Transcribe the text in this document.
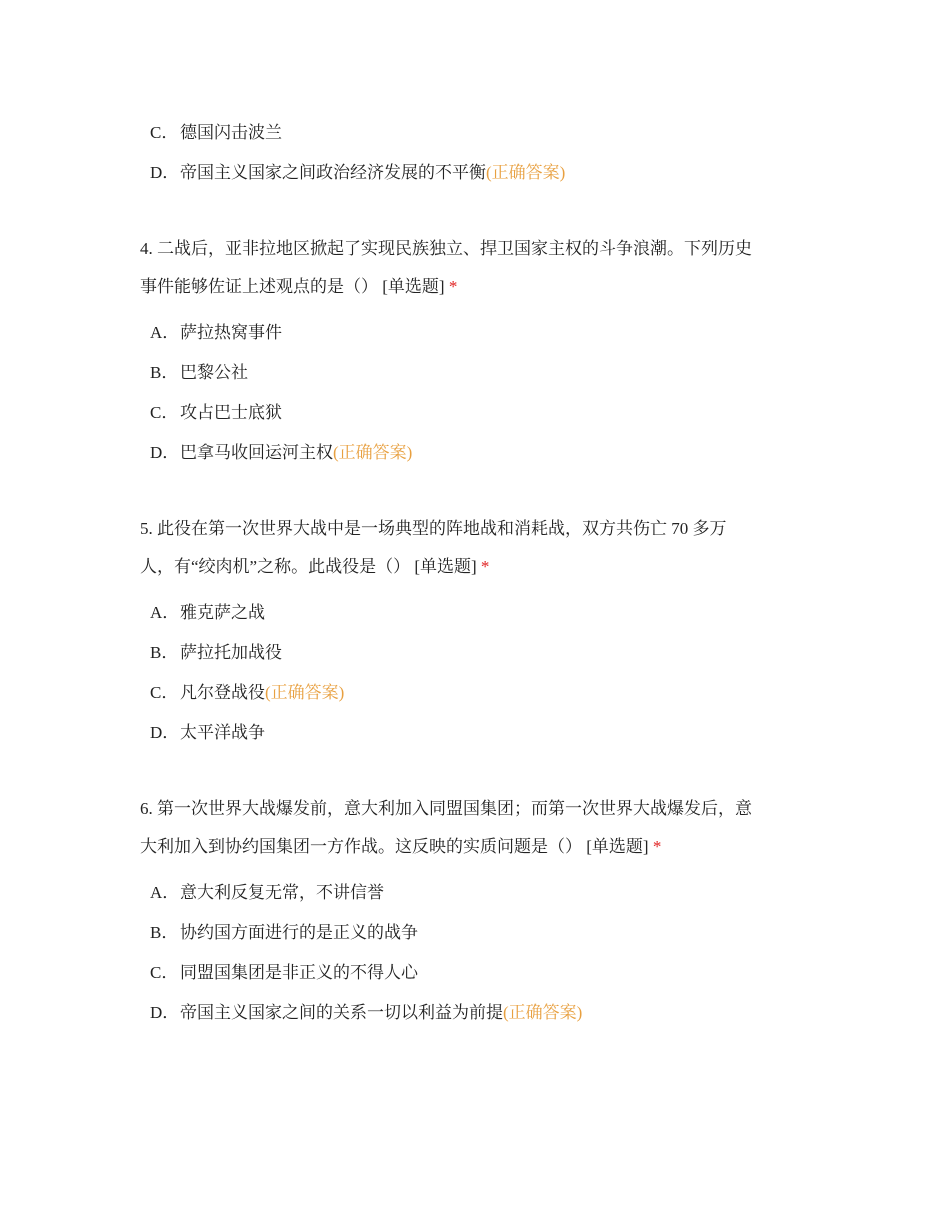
C．德国闪击波兰
D．帝国主义国家之间政治经济发展的不平衡(正确答案)
4. 二战后，亚非拉地区掀起了实现民族独立、捍卫国家主权的斗争浪潮。下列历史
事件能够佐证上述观点的是（） [单选题] *
A．萨拉热窝事件
B．巴黎公社
C．攻占巴士底狱
D．巴拿马收回运河主权(正确答案)
5. 此役在第一次世界大战中是一场典型的阵地战和消耗战，双方共伤亡 70 多万
人，有“绞肉机”之称。此战役是（） [单选题] *
A．雅克萨之战
B．萨拉托加战役
C．凡尔登战役(正确答案)
D．太平洋战争
6. 第一次世界大战爆发前，意大利加入同盟国集团；而第一次世界大战爆发后，意
大利加入到协约国集团一方作战。这反映的实质问题是（） [单选题] *
A．意大利反复无常，不讲信誉
B．协约国方面进行的是正义的战争
C．同盟国集团是非正义的不得人心
D．帝国主义国家之间的关系一切以利益为前提(正确答案)
